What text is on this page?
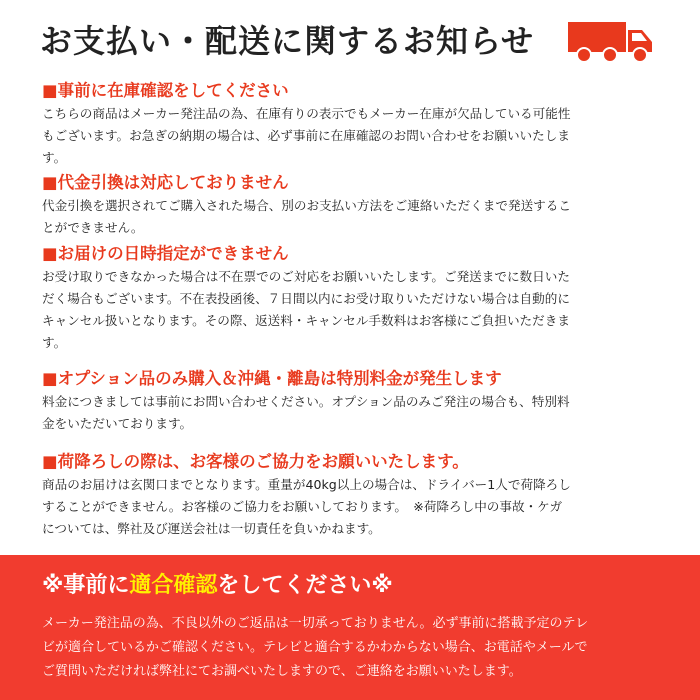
お支払い・配送に関するお知らせ
■事前に在庫確認をしてください
こちらの商品はメーカー発注品の為、在庫有りの表示でもメーカー在庫が欠品している可能性
もございます。お急ぎの納期の場合は、必ず事前に在庫確認のお問い合わせをお願いいたしま
す。
■代金引換は対応しておりません
代金引換を選択されてご購入された場合、別のお支払い方法をご連絡いただくまで発送するこ
とができません。
■お届けの日時指定ができません
お受け取りできなかった場合は不在票でのご対応をお願いいたします。ご発送までに数日いた
だく場合もございます。不在表投函後、７日間以内にお受け取りいただけない場合は自動的に
キャンセル扱いとなります。その際、返送料・キャンセル手数料はお客様にご負担いただきま
す。
■オプション品のみ購入＆沖縄・離島は特別料金が発生します
料金につきましては事前にお問い合わせください。オプション品のみご発注の場合も、特別料
金をいただいております。
■荷降ろしの際は、お客様のご協力をお願いいたします。
商品のお届けは玄関口までとなります。重量が40kg以上の場合は、ドライバー1人で荷降ろし
することができません。お客様のご協力をお願いしております。　※荷降ろし中の事故・ケガ
については、弊社及び運送会社は一切責任を負いかねます。
※事前に適合確認をしてください※
メーカー発注品の為、不良以外のご返品は一切承っておりません。必ず事前に搭載予定のテレ
ビが適合しているかご確認ください。テレビと適合するかわからない場合、お電話やメールで
ご質問いただければ弊社にてお調べいたしますので、ご連絡をお願いいたします。
